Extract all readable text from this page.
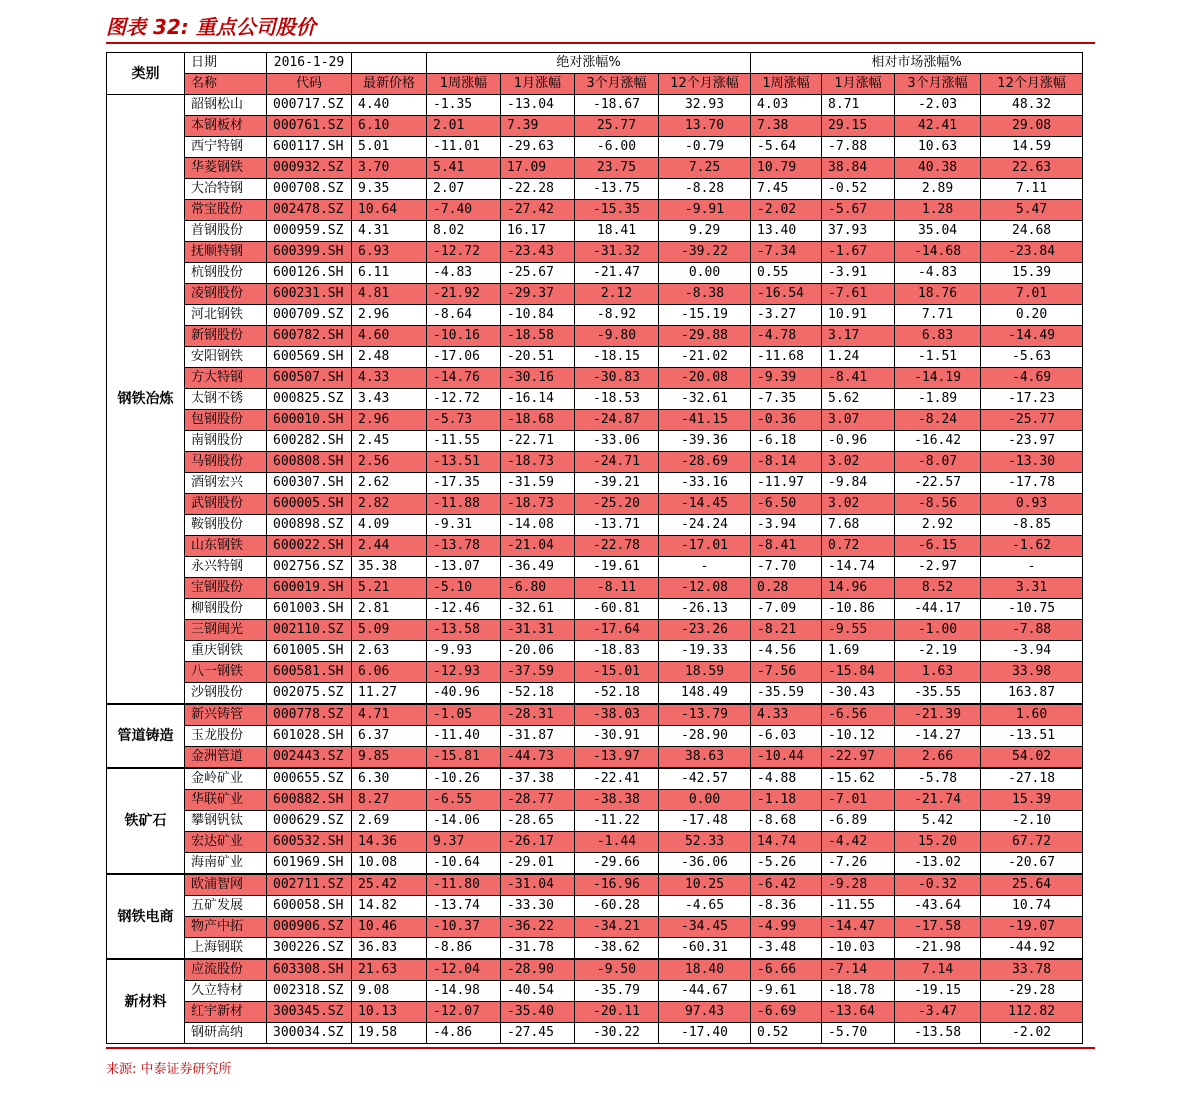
图表 32: 重点公司股价
类别	日期	2016-1-29		绝对涨幅%				相对市场涨幅%			
	名称	代码	最新价格	1周涨幅	1月涨幅	3个月涨幅	12个月涨幅	1周涨幅	1月涨幅	3个月涨幅	12个月涨幅
钢铁冶炼	韶钢松山	000717.SZ	4.40	-1.35	-13.04	-18.67	32.93	4.03	8.71	-2.03	48.32
	本钢板材	000761.SZ	6.10	2.01	7.39	25.77	13.70	7.38	29.15	42.41	29.08
	西宁特钢	600117.SH	5.01	-11.01	-29.63	-6.00	-0.79	-5.64	-7.88	10.63	14.59
	华菱钢铁	000932.SZ	3.70	5.41	17.09	23.75	7.25	10.79	38.84	40.38	22.63
	大冶特钢	000708.SZ	9.35	2.07	-22.28	-13.75	-8.28	7.45	-0.52	2.89	7.11
	常宝股份	002478.SZ	10.64	-7.40	-27.42	-15.35	-9.91	-2.02	-5.67	1.28	5.47
	首钢股份	000959.SZ	4.31	8.02	16.17	18.41	9.29	13.40	37.93	35.04	24.68
	抚顺特钢	600399.SH	6.93	-12.72	-23.43	-31.32	-39.22	-7.34	-1.67	-14.68	-23.84
	杭钢股份	600126.SH	6.11	-4.83	-25.67	-21.47	0.00	0.55	-3.91	-4.83	15.39
	凌钢股份	600231.SH	4.81	-21.92	-29.37	2.12	-8.38	-16.54	-7.61	18.76	7.01
	河北钢铁	000709.SZ	2.96	-8.64	-10.84	-8.92	-15.19	-3.27	10.91	7.71	0.20
	新钢股份	600782.SH	4.60	-10.16	-18.58	-9.80	-29.88	-4.78	3.17	6.83	-14.49
	安阳钢铁	600569.SH	2.48	-17.06	-20.51	-18.15	-21.02	-11.68	1.24	-1.51	-5.63
	方大特钢	600507.SH	4.33	-14.76	-30.16	-30.83	-20.08	-9.39	-8.41	-14.19	-4.69
	太钢不锈	000825.SZ	3.43	-12.72	-16.14	-18.53	-32.61	-7.35	5.62	-1.89	-17.23
	包钢股份	600010.SH	2.96	-5.73	-18.68	-24.87	-41.15	-0.36	3.07	-8.24	-25.77
	南钢股份	600282.SH	2.45	-11.55	-22.71	-33.06	-39.36	-6.18	-0.96	-16.42	-23.97
	马钢股份	600808.SH	2.56	-13.51	-18.73	-24.71	-28.69	-8.14	3.02	-8.07	-13.30
	酒钢宏兴	600307.SH	2.62	-17.35	-31.59	-39.21	-33.16	-11.97	-9.84	-22.57	-17.78
	武钢股份	600005.SH	2.82	-11.88	-18.73	-25.20	-14.45	-6.50	3.02	-8.56	0.93
	鞍钢股份	000898.SZ	4.09	-9.31	-14.08	-13.71	-24.24	-3.94	7.68	2.92	-8.85
	山东钢铁	600022.SH	2.44	-13.78	-21.04	-22.78	-17.01	-8.41	0.72	-6.15	-1.62
	永兴特钢	002756.SZ	35.38	-13.07	-36.49	-19.61	-	-7.70	-14.74	-2.97	-
	宝钢股份	600019.SH	5.21	-5.10	-6.80	-8.11	-12.08	0.28	14.96	8.52	3.31
	柳钢股份	601003.SH	2.81	-12.46	-32.61	-60.81	-26.13	-7.09	-10.86	-44.17	-10.75
	三钢闽光	002110.SZ	5.09	-13.58	-31.31	-17.64	-23.26	-8.21	-9.55	-1.00	-7.88
	重庆钢铁	601005.SH	2.63	-9.93	-20.06	-18.83	-19.33	-4.56	1.69	-2.19	-3.94
	八一钢铁	600581.SH	6.06	-12.93	-37.59	-15.01	18.59	-7.56	-15.84	1.63	33.98
	沙钢股份	002075.SZ	11.27	-40.96	-52.18	-52.18	148.49	-35.59	-30.43	-35.55	163.87
管道铸造	新兴铸管	000778.SZ	4.71	-1.05	-28.31	-38.03	-13.79	4.33	-6.56	-21.39	1.60
	玉龙股份	601028.SH	6.37	-11.40	-31.87	-30.91	-28.90	-6.03	-10.12	-14.27	-13.51
	金洲管道	002443.SZ	9.85	-15.81	-44.73	-13.97	38.63	-10.44	-22.97	2.66	54.02
铁矿石	金岭矿业	000655.SZ	6.30	-10.26	-37.38	-22.41	-42.57	-4.88	-15.62	-5.78	-27.18
	华联矿业	600882.SH	8.27	-6.55	-28.77	-38.38	0.00	-1.18	-7.01	-21.74	15.39
	攀钢钒钛	000629.SZ	2.69	-14.06	-28.65	-11.22	-17.48	-8.68	-6.89	5.42	-2.10
	宏达矿业	600532.SH	14.36	9.37	-26.17	-1.44	52.33	14.74	-4.42	15.20	67.72
	海南矿业	601969.SH	10.08	-10.64	-29.01	-29.66	-36.06	-5.26	-7.26	-13.02	-20.67
钢铁电商	欧浦智网	002711.SZ	25.42	-11.80	-31.04	-16.96	10.25	-6.42	-9.28	-0.32	25.64
	五矿发展	600058.SH	14.82	-13.74	-33.30	-60.28	-4.65	-8.36	-11.55	-43.64	10.74
	物产中拓	000906.SZ	10.46	-10.37	-36.22	-34.21	-34.45	-4.99	-14.47	-17.58	-19.07
	上海钢联	300226.SZ	36.83	-8.86	-31.78	-38.62	-60.31	-3.48	-10.03	-21.98	-44.92
新材料	应流股份	603308.SH	21.63	-12.04	-28.90	-9.50	18.40	-6.66	-7.14	7.14	33.78
	久立特材	002318.SZ	9.08	-14.98	-40.54	-35.79	-44.67	-9.61	-18.78	-19.15	-29.28
	红宇新材	300345.SZ	10.13	-12.07	-35.40	-20.11	97.43	-6.69	-13.64	-3.47	112.82
	钢研高纳	300034.SZ	19.58	-4.86	-27.45	-30.22	-17.40	0.52	-5.70	-13.58	-2.02
来源: 中泰证券研究所
